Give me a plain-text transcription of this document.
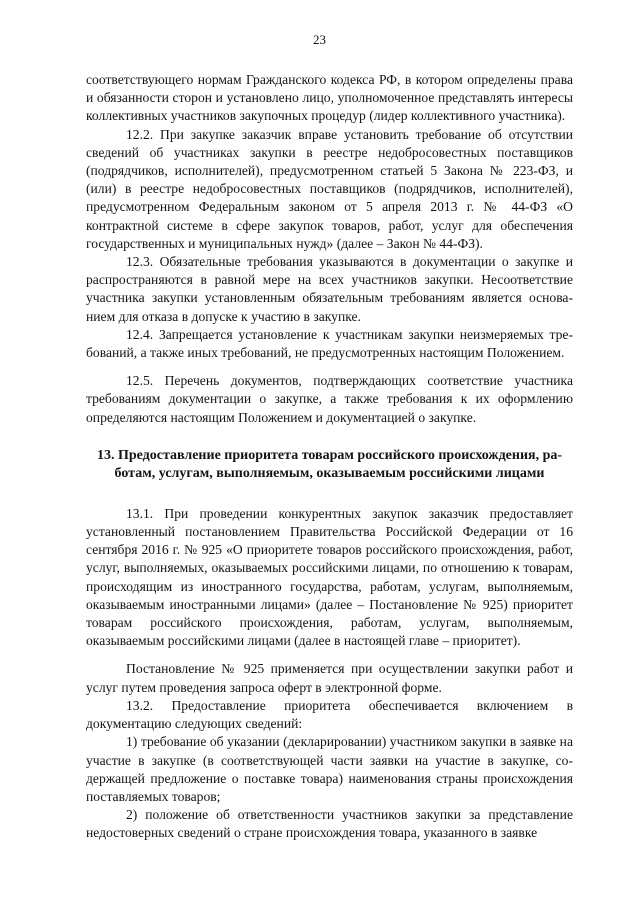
23

соответствующего нормам Гражданского кодекса РФ, в котором определены права и обязанности сторон и установлено лицо, уполномоченное представлять интересы коллективных участников закупочных процедур (лидер коллективного участника).

12.2. При закупке заказчик вправе установить требование об отсутствии сведений об участниках закупки в реестре недобросовестных поставщиков (подрядчиков, исполнителей), предусмотренном статьей 5 Закона № 223-ФЗ, и (или) в реестре недобросовестных поставщиков (подрядчиков, исполнителей), предусмотренном Федеральным законом от 5 апреля 2013 г. № 44-ФЗ «О контрактной системе в сфере закупок товаров, работ, услуг для обеспечения государственных и муниципальных нужд» (далее – Закон № 44-ФЗ).

12.3. Обязательные требования указываются в документации о закупке и распространяются в равной мере на всех участников закупки. Несоответствие участника закупки установленным обязательным требованиям является основанием для отказа в допуске к участию в закупке.

12.4. Запрещается установление к участникам закупки неизмеряемых требований, а также иных требований, не предусмотренных настоящим Положением.

12.5. Перечень документов, подтверждающих соответствие участника требованиям документации о закупке, а также требования к их оформлению определяются настоящим Положением и документацией о закупке.

13. Предоставление приоритета товарам российского происхождения, работам, услугам, выполняемым, оказываемым российскими лицами

13.1. При проведении конкурентных закупок заказчик предоставляет установленный постановлением Правительства Российской Федерации от 16 сентября 2016 г. № 925 «О приоритете товаров российского происхождения, работ, услуг, выполняемых, оказываемых российскими лицами, по отношению к товарам, происходящим из иностранного государства, работам, услугам, выполняемым, оказываемым иностранными лицами» (далее – Постановление № 925) приоритет товарам российского происхождения, работам, услугам, выполняемым, оказываемым российскими лицами (далее в настоящей главе – приоритет).

Постановление № 925 применяется при осуществлении закупки работ и услуг путем проведения запроса оферт в электронной форме.

13.2. Предоставление приоритета обеспечивается включением в документацию следующих сведений:

1) требование об указании (декларировании) участником закупки в заявке на участие в закупке (в соответствующей части заявки на участие в закупке, содержащей предложение о поставке товара) наименования страны происхождения поставляемых товаров;

2) положение об ответственности участников закупки за представление недостоверных сведений о стране происхождения товара, указанного в заявке
